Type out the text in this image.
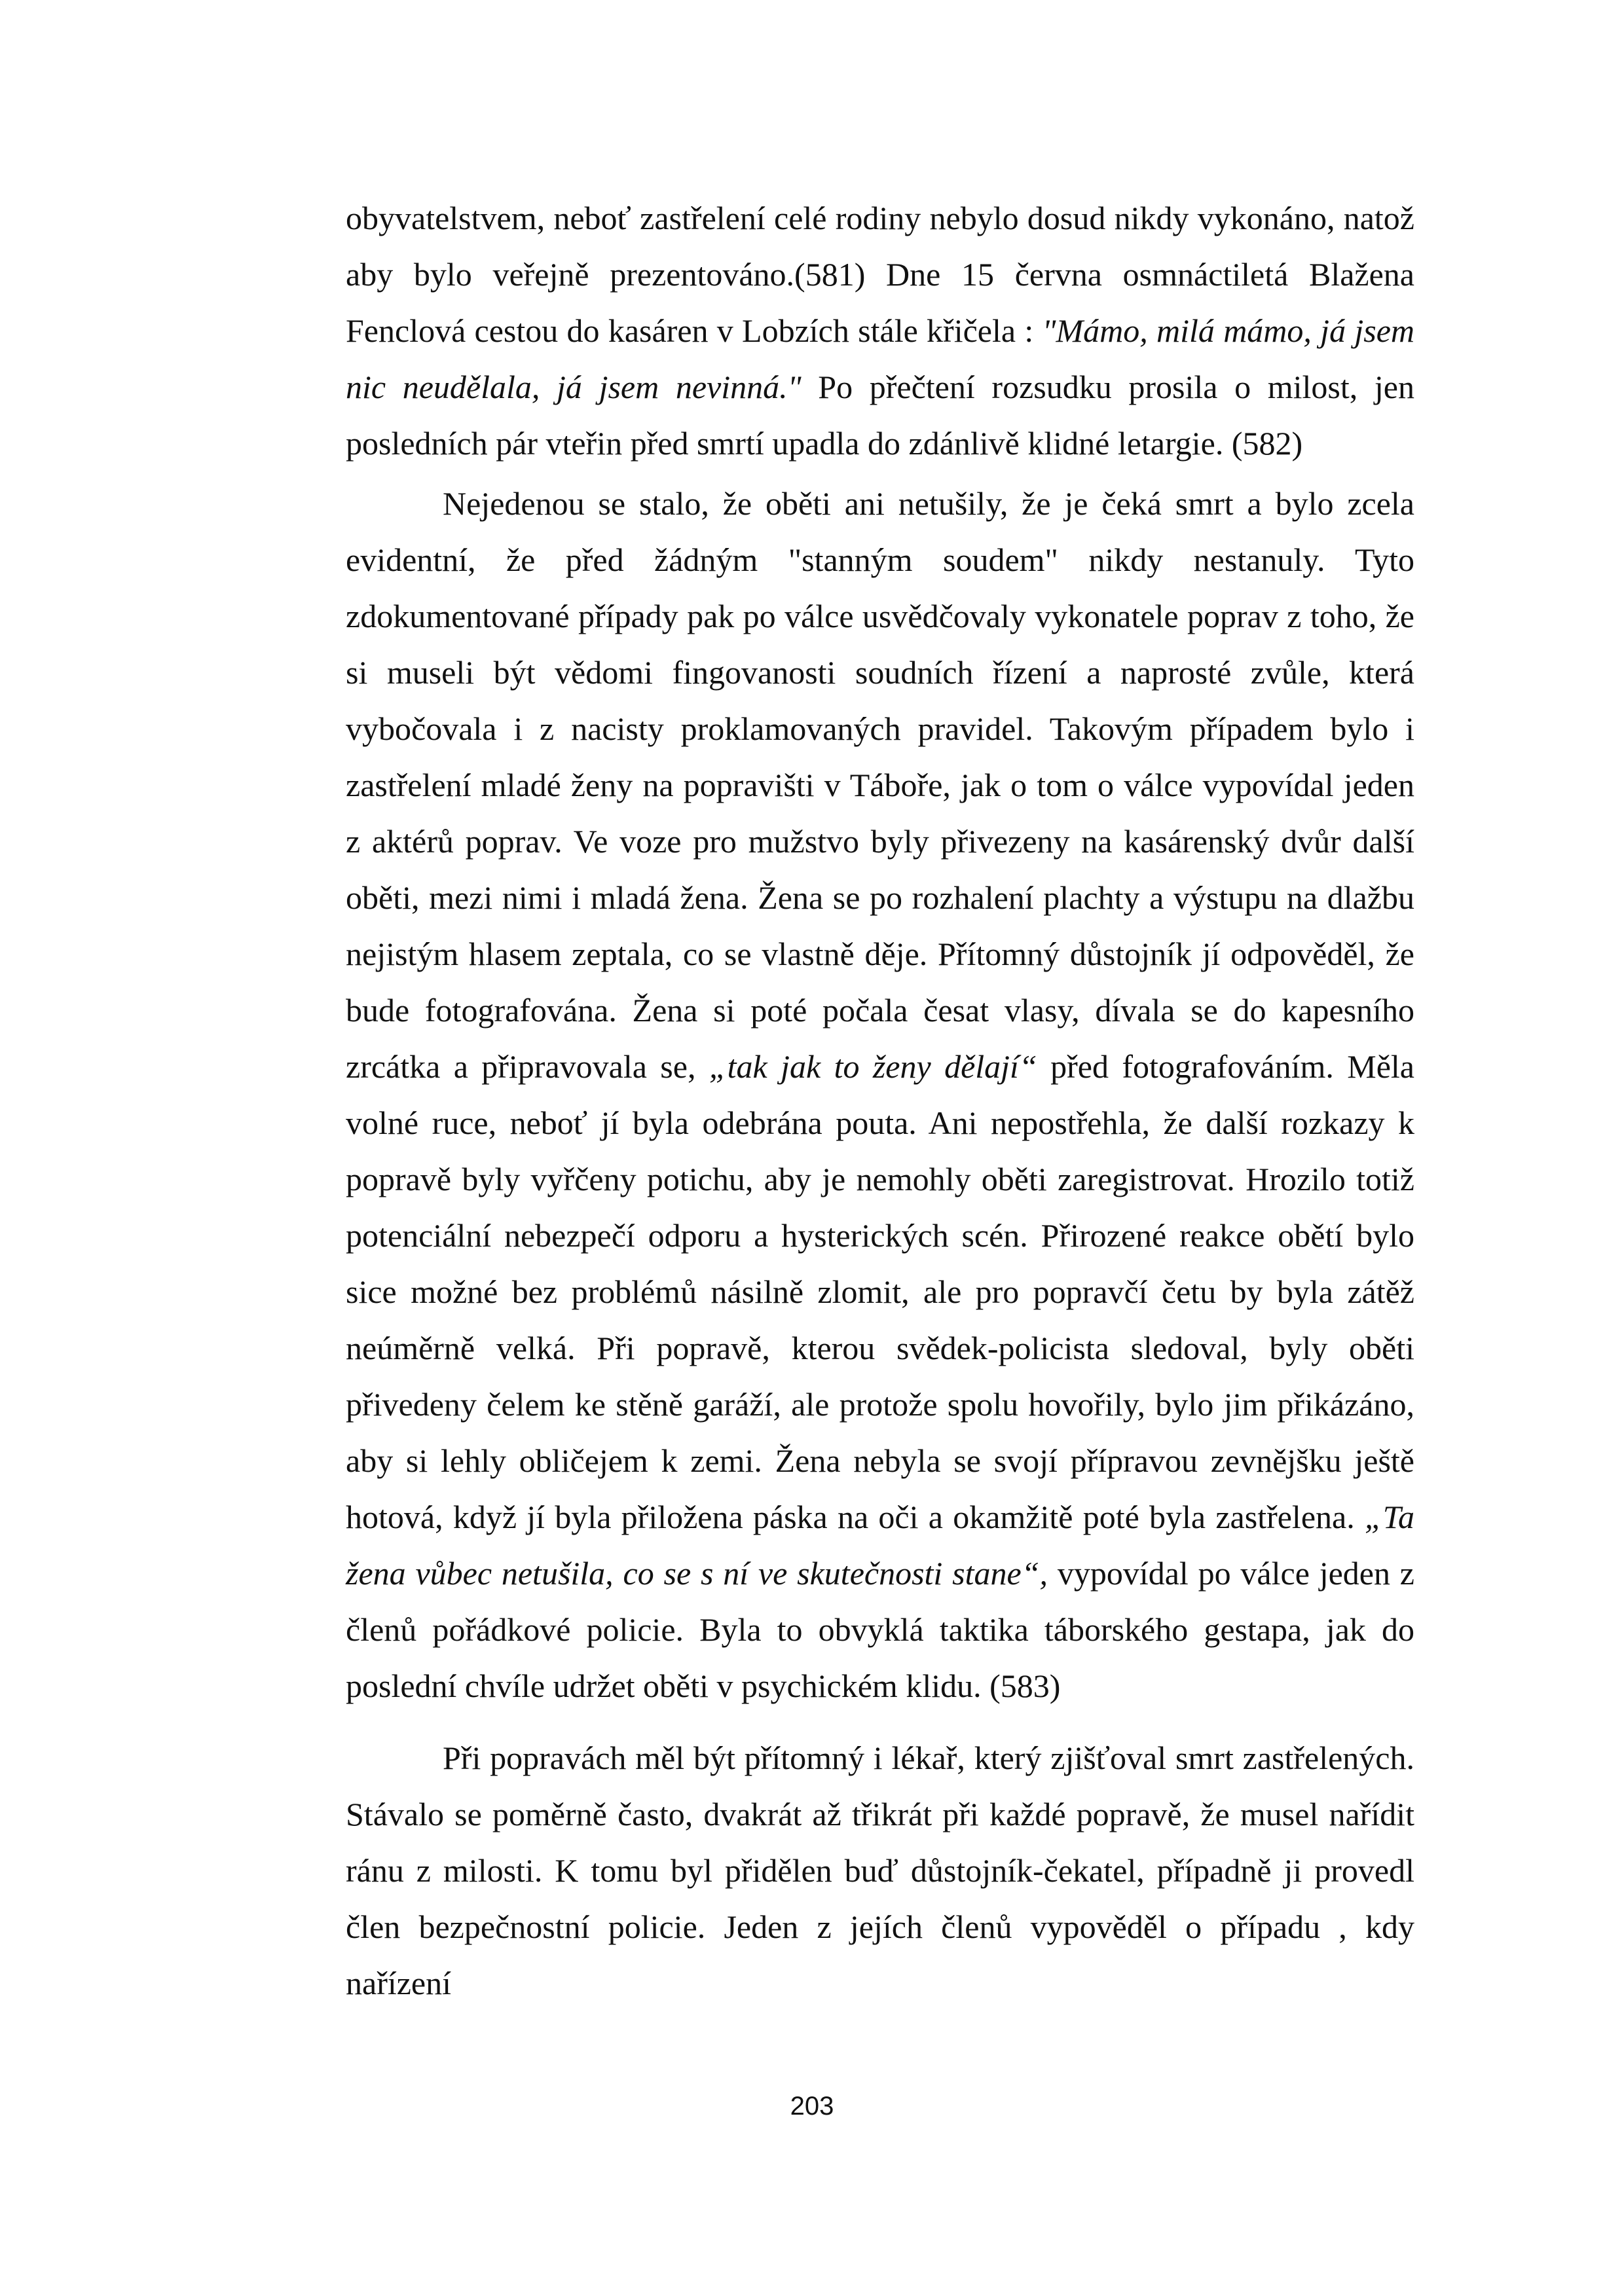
obyvatelstvem, neboť zastřelení celé rodiny nebylo dosud nikdy vykonáno, natož aby bylo veřejně prezentováno.(581) Dne 15 června osmnáctiletá Blažena Fenclová cestou do kasáren v Lobzích stále křičela : "Mámo, milá mámo, já jsem nic neudělala, já jsem nevinná." Po přečtení rozsudku prosila o milost, jen posledních pár vteřin před smrtí upadla do zdánlivě klidné letargie. (582)

Nejedenou se stalo, že oběti ani netušily, že je čeká smrt a bylo zcela evidentní, že před žádným "stanným soudem" nikdy nestanuly. Tyto zdokumentované případy pak po válce usvědčovaly vykonatele poprav z toho, že si museli být vědomi fingovanosti soudních řízení a naprosté zvůle, která vybočovala i z nacisty proklamovaných pravidel. Takovým případem bylo i zastřelení mladé ženy na popravišti v Táboře, jak o tom o válce vypovídal jeden z aktérů poprav. Ve voze pro mužstvo byly přivezeny na kasárenský dvůr další oběti, mezi nimi i mladá žena. Žena se po rozhalení plachty a výstupu na dlažbu nejistým hlasem zeptala, co se vlastně děje. Přítomný důstojník jí odpověděl, že bude fotografována. Žena si poté počala česat vlasy, dívala se do kapesního zrcátka a připravovala se, „tak jak to ženy dělají“ před fotografováním. Měla volné ruce, neboť jí byla odebrána pouta. Ani nepostřehla, že další rozkazy k popravě byly vyřčeny potichu, aby je nemohly oběti zaregistrovat. Hrozilo totiž potenciální nebezpečí odporu a hysterických scén. Přirozené reakce obětí bylo sice možné bez problémů násilně zlomit, ale pro popravčí četu by byla zátěž neúměrně velká. Při popravě, kterou svědek-policista sledoval, byly oběti přivedeny čelem ke stěně garáží, ale protože spolu hovořily, bylo jim přikázáno, aby si lehly obličejem k zemi. Žena nebyla se svojí přípravou zevnějšku ještě hotová, když jí byla přiložena páska na oči a okamžitě poté byla zastřelena. „Ta žena vůbec netušila, co se s ní ve skutečnosti stane“, vypovídal po válce jeden z členů pořádkové policie. Byla to obvyklá taktika táborského gestapa, jak do poslední chvíle udržet oběti v psychickém klidu. (583)

Při popravách měl být přítomný i lékař, který zjišťoval smrt zastřelených. Stávalo se poměrně často, dvakrát až třikrát při každé popravě, že musel nařídit ránu z milosti. K tomu byl přidělen buď důstojník-čekatel, případně ji provedl člen bezpečnostní policie. Jeden z jejích členů vypověděl o případu , kdy nařízení

203
